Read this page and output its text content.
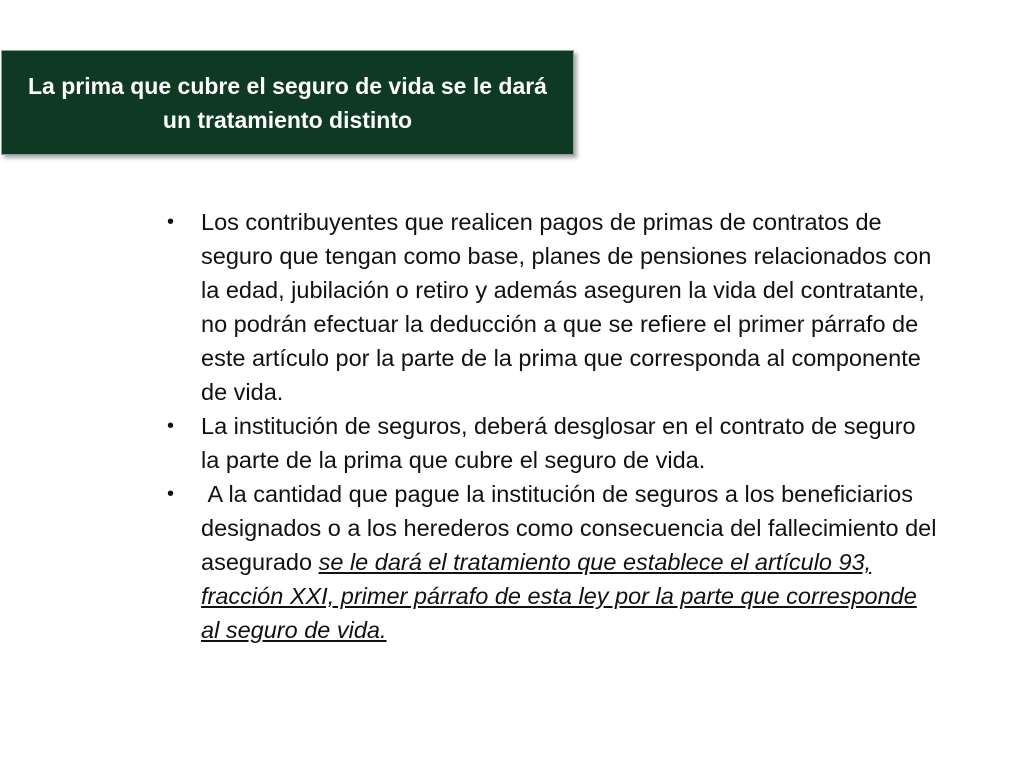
La prima que cubre el seguro de vida se le dará
un tratamiento distinto

• Los contribuyentes que realicen pagos de primas de contratos de seguro que tengan como base, planes de pensiones relacionados con la edad, jubilación o retiro y además aseguren la vida del contratante, no podrán efectuar la deducción a que se refiere el primer párrafo de este artículo por la parte de la prima que corresponda al componente de vida.
• La institución de seguros, deberá desglosar en el contrato de seguro la parte de la prima que cubre el seguro de vida.
• A la cantidad que pague la institución de seguros a los beneficiarios designados o a los herederos como consecuencia del fallecimiento del asegurado se le dará el tratamiento que establece el artículo 93, fracción XXI, primer párrafo de esta ley por la parte que corresponde al seguro de vida.
